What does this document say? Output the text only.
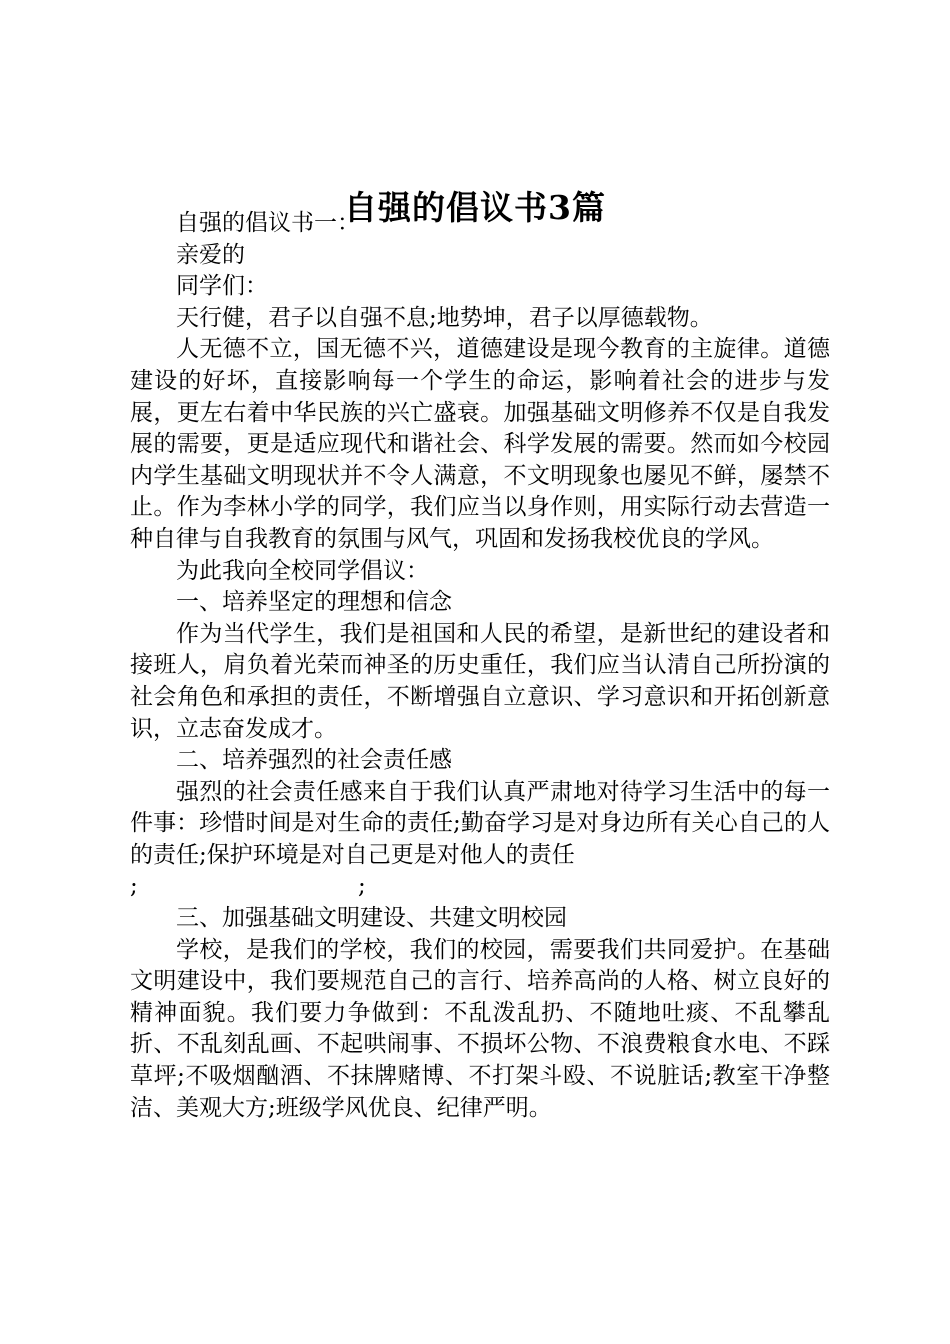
自强的倡议书3篇

自强的倡议书一：

亲爱的

同学们：

天行健，君子以自强不息;地势坤，君子以厚德载物。

人无德不立，国无德不兴，道德建设是现今教育的主旋律。道德建设的好坏，直接影响每一个学生的命运，影响着社会的进步与发展，更左右着中华民族的兴亡盛衰。加强基础文明修养不仅是自我发展的需要，更是适应现代和谐社会、科学发展的需要。然而如今校园内学生基础文明现状并不令人满意，不文明现象也屡见不鲜，屡禁不止。作为李林小学的同学，我们应当以身作则，用实际行动去营造一种自律与自我教育的氛围与风气，巩固和发扬我校优良的学风。

为此我向全校同学倡议：

一、培养坚定的理想和信念

作为当代学生，我们是祖国和人民的希望，是新世纪的建设者和接班人，肩负着光荣而神圣的历史重任，我们应当认清自己所扮演的社会角色和承担的责任，不断增强自立意识、学习意识和开拓创新意识，立志奋发成才。

二、培养强烈的社会责任感

强烈的社会责任感来自于我们认真严肃地对待学习生活中的每一件事：珍惜时间是对生命的责任;勤奋学习是对身边所有关心自己的人的责任;保护环境是对自己更是对他人的责任

;	;

三、加强基础文明建设、共建文明校园

学校，是我们的学校，我们的校园，需要我们共同爱护。在基础文明建设中，我们要规范自己的言行、培养高尚的人格、树立良好的精神面貌。我们要力争做到：不乱泼乱扔、不随地吐痰、不乱攀乱折、不乱刻乱画、不起哄闹事、不损坏公物、不浪费粮食水电、不踩草坪;不吸烟酗酒、不抹牌赌博、不打架斗殴、不说脏话;教室干净整洁、美观大方;班级学风优良、纪律严明。
